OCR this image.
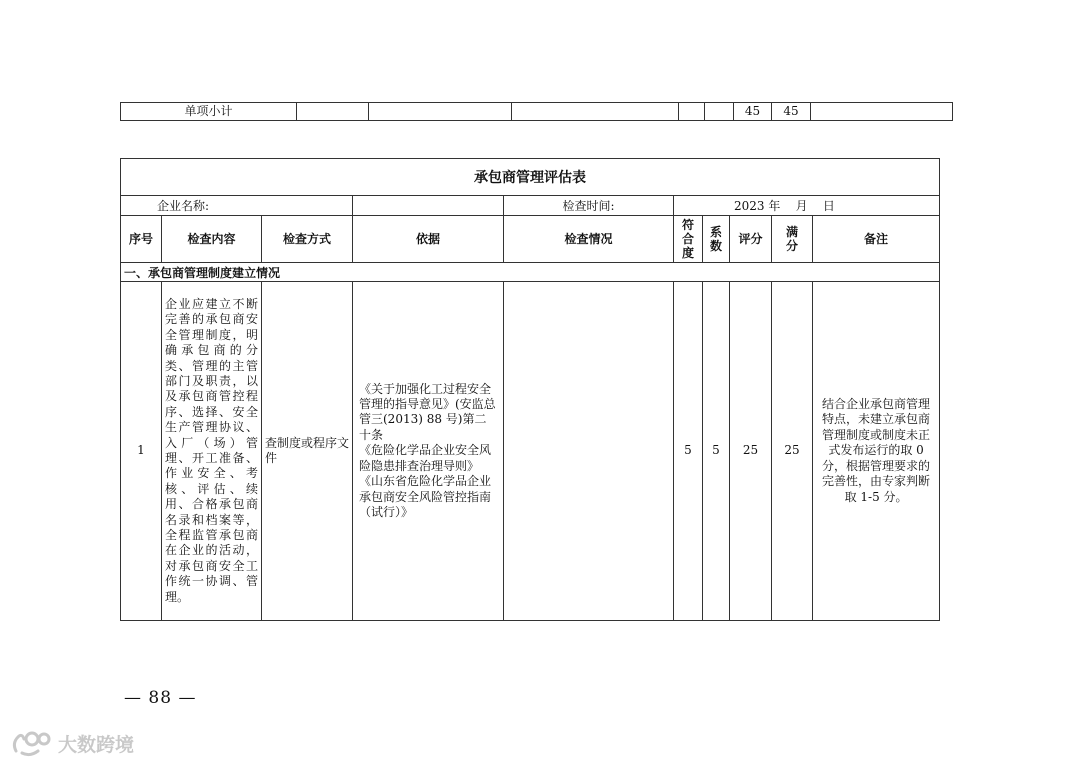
单项小计						45	45	
承包商管理评估表									
企业名称:				检查时间:	2023 年    月    日				
序号	检查内容	检查方式	依据	检查情况	符合度	系数	评分	满分	备注
一、承包商管理制度建立情况									
1	企业应建立不断完善的承包商安全管理制度，明确承包商的分类、管理的主管部门及职责，以及承包商管控程序、选择、安全生产管理协议、入厂（场）管理、开工准备、作业安全、考核、评估、续用、合格承包商名录和档案等，全程监管承包商在企业的活动，对承包商安全工作统一协调、管理。	查制度或程序文件	《关于加强化工过程安全管理的指导意见》(安监总管三(2013) 88 号)第二十条
《危险化学品企业安全风险隐患排查治理导则》
《山东省危险化学品企业承包商安全风险管控指南（试行）》		5	5	25	25	结合企业承包商管理特点，未建立承包商管理制度或制度未正式发布运行的取 0 分，根据管理要求的完善性，由专家判断取 1-5 分。
— 88 —
大数跨境
